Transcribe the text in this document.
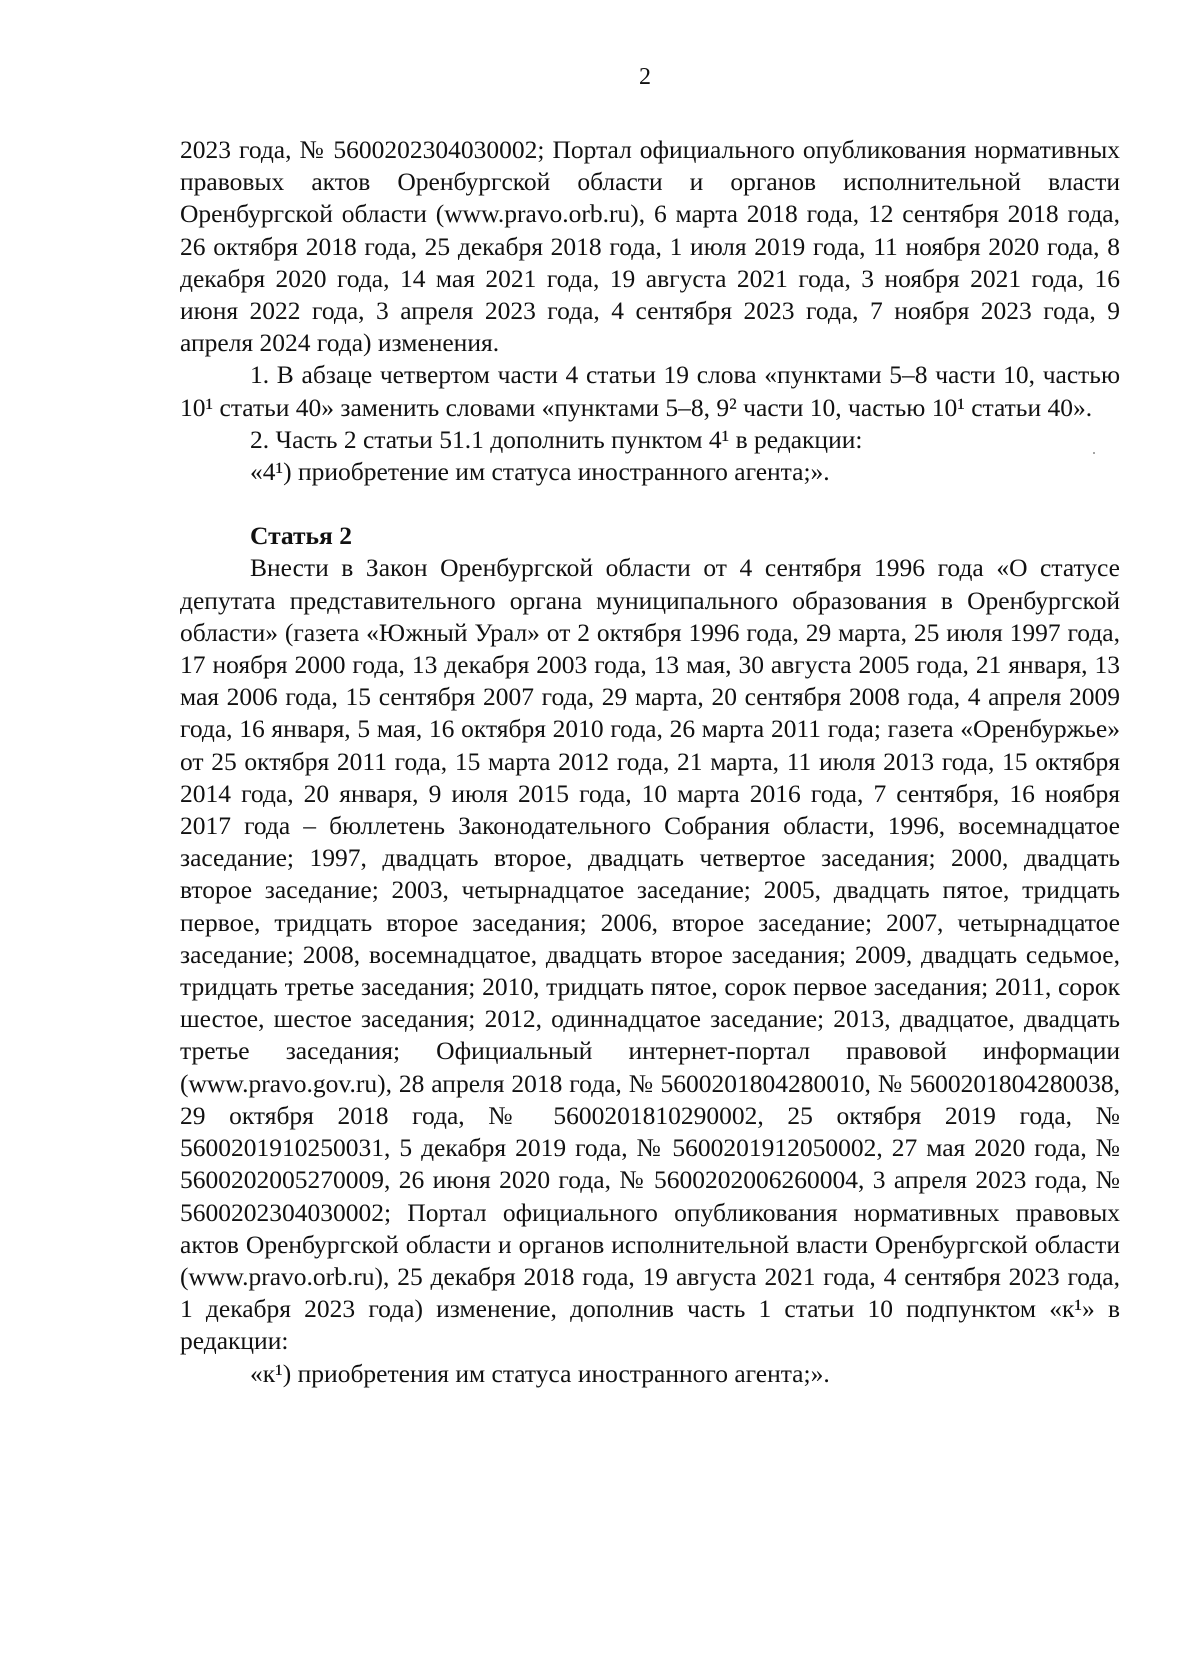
2

2023 года, № 5600202304030002; Портал официального опубликования нормативных правовых актов Оренбургской области и органов исполнительной власти Оренбургской области (www.pravo.orb.ru), 6 марта 2018 года, 12 сентября 2018 года, 26 октября 2018 года, 25 декабря 2018 года, 1 июля 2019 года, 11 ноября 2020 года, 8 декабря 2020 года, 14 мая 2021 года, 19 августа 2021 года, 3 ноября 2021 года, 16 июня 2022 года, 3 апреля 2023 года, 4 сентября 2023 года, 7 ноября 2023 года, 9 апреля 2024 года) изменения.

1. В абзаце четвертом части 4 статьи 19 слова «пунктами 5–8 части 10, частью 10¹ статьи 40» заменить словами «пунктами 5–8, 9² части 10, частью 10¹ статьи 40».

2. Часть 2 статьи 51.1 дополнить пунктом 4¹ в редакции:

«4¹) приобретение им статуса иностранного агента;».

Статья 2

Внести в Закон Оренбургской области от 4 сентября 1996 года «О статусе депутата представительного органа муниципального образования в Оренбургской области» (газета «Южный Урал» от 2 октября 1996 года, 29 марта, 25 июля 1997 года, 17 ноября 2000 года, 13 декабря 2003 года, 13 мая, 30 августа 2005 года, 21 января, 13 мая 2006 года, 15 сентября 2007 года, 29 марта, 20 сентября 2008 года, 4 апреля 2009 года, 16 января, 5 мая, 16 октября 2010 года, 26 марта 2011 года; газета «Оренбуржье» от 25 октября 2011 года, 15 марта 2012 года, 21 марта, 11 июля 2013 года, 15 октября 2014 года, 20 января, 9 июля 2015 года, 10 марта 2016 года, 7 сентября, 16 ноября 2017 года – бюллетень Законодательного Собрания области, 1996, восемнадцатое заседание; 1997, двадцать второе, двадцать четвертое заседания; 2000, двадцать второе заседание; 2003, четырнадцатое заседание; 2005, двадцать пятое, тридцать первое, тридцать второе заседания; 2006, второе заседание; 2007, четырнадцатое заседание; 2008, восемнадцатое, двадцать второе заседания; 2009, двадцать седьмое, тридцать третье заседания; 2010, тридцать пятое, сорок первое заседания; 2011, сорок шестое, шестое заседания; 2012, одиннадцатое заседание; 2013, двадцатое, двадцать третье заседания; Официальный интернет-портал правовой информации (www.pravo.gov.ru), 28 апреля 2018 года, № 5600201804280010, № 5600201804280038, 29 октября 2018 года, № 5600201810290002, 25 октября 2019 года, № 5600201910250031, 5 декабря 2019 года, № 5600201912050002, 27 мая 2020 года, № 5600202005270009, 26 июня 2020 года, № 5600202006260004, 3 апреля 2023 года, № 5600202304030002; Портал официального опубликования нормативных правовых актов Оренбургской области и органов исполнительной власти Оренбургской области (www.pravo.orb.ru), 25 декабря 2018 года, 19 августа 2021 года, 4 сентября 2023 года, 1 декабря 2023 года) изменение, дополнив часть 1 статьи 10 подпунктом «к¹» в редакции:

«к¹) приобретения им статуса иностранного агента;».
